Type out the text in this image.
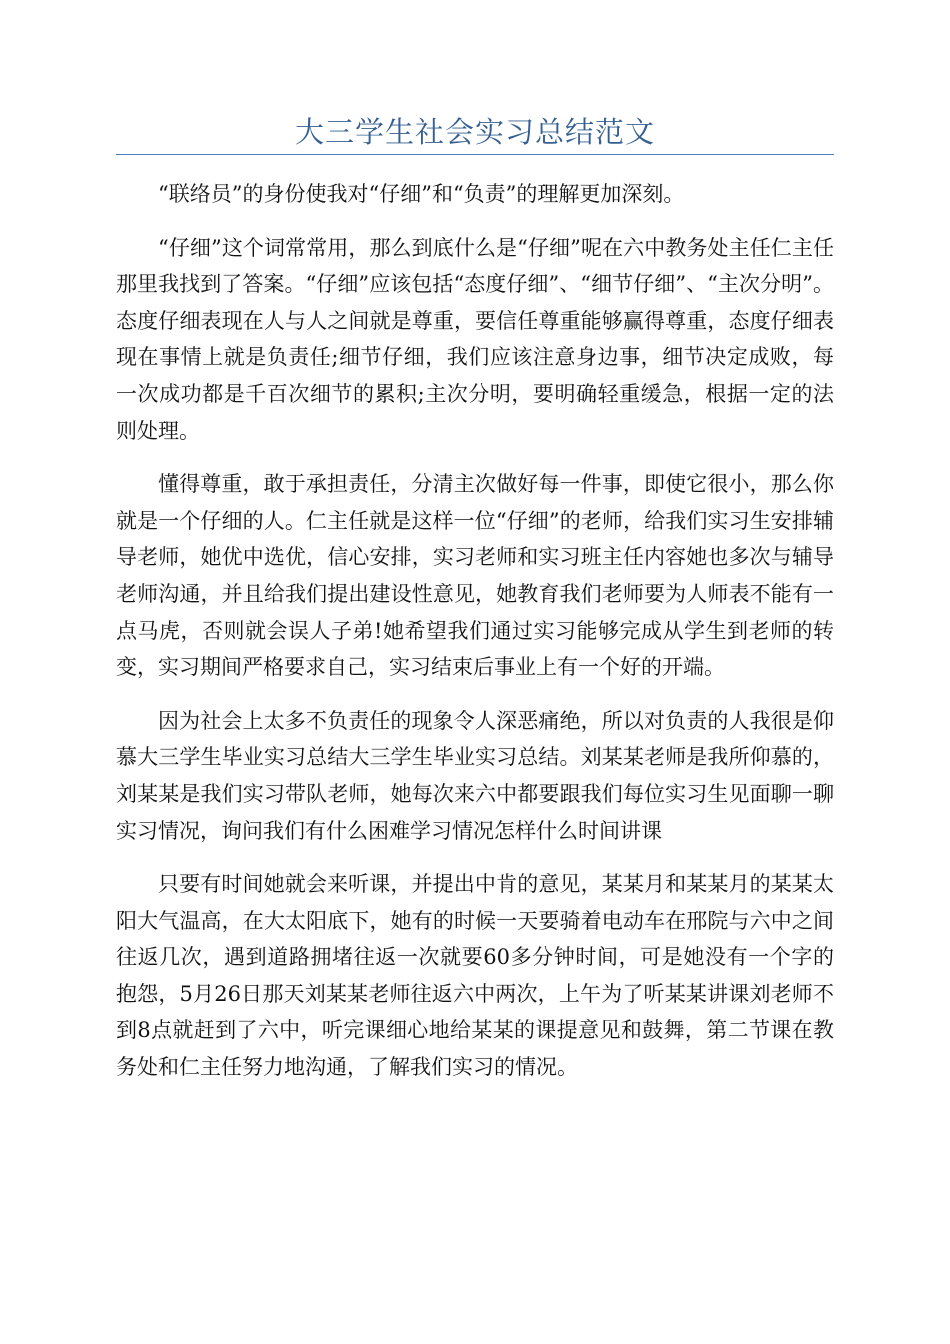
大三学生社会实习总结范文

“联络员”的身份使我对“仔细”和“负责”的理解更加深刻。

“仔细”这个词常常用，那么到底什么是“仔细”呢在六中教务处主任仁主任那里我找到了答案。“仔细”应该包括“态度仔细”、“细节仔细”、“主次分明”。态度仔细表现在人与人之间就是尊重，要信任尊重能够赢得尊重，态度仔细表现在事情上就是负责任;细节仔细，我们应该注意身边事，细节决定成败，每一次成功都是千百次细节的累积;主次分明，要明确轻重缓急，根据一定的法则处理。

懂得尊重，敢于承担责任，分清主次做好每一件事，即使它很小，那么你就是一个仔细的人。仁主任就是这样一位“仔细”的老师，给我们实习生安排辅导老师，她优中选优，信心安排，实习老师和实习班主任内容她也多次与辅导老师沟通，并且给我们提出建设性意见，她教育我们老师要为人师表不能有一点马虎，否则就会误人子弟!她希望我们通过实习能够完成从学生到老师的转变，实习期间严格要求自己，实习结束后事业上有一个好的开端。

因为社会上太多不负责任的现象令人深恶痛绝，所以对负责的人我很是仰慕大三学生毕业实习总结大三学生毕业实习总结。刘某某老师是我所仰慕的，刘某某是我们实习带队老师，她每次来六中都要跟我们每位实习生见面聊一聊实习情况，询问我们有什么困难学习情况怎样什么时间讲课

只要有时间她就会来听课，并提出中肯的意见，某某月和某某月的某某太阳大气温高，在大太阳底下，她有的时候一天要骑着电动车在邢院与六中之间往返几次，遇到道路拥堵往返一次就要60多分钟时间，可是她没有一个字的抱怨，5月26日那天刘某某老师往返六中两次，上午为了听某某讲课刘老师不到8点就赶到了六中，听完课细心地给某某的课提意见和鼓舞，第二节课在教务处和仁主任努力地沟通，了解我们实习的情况。
